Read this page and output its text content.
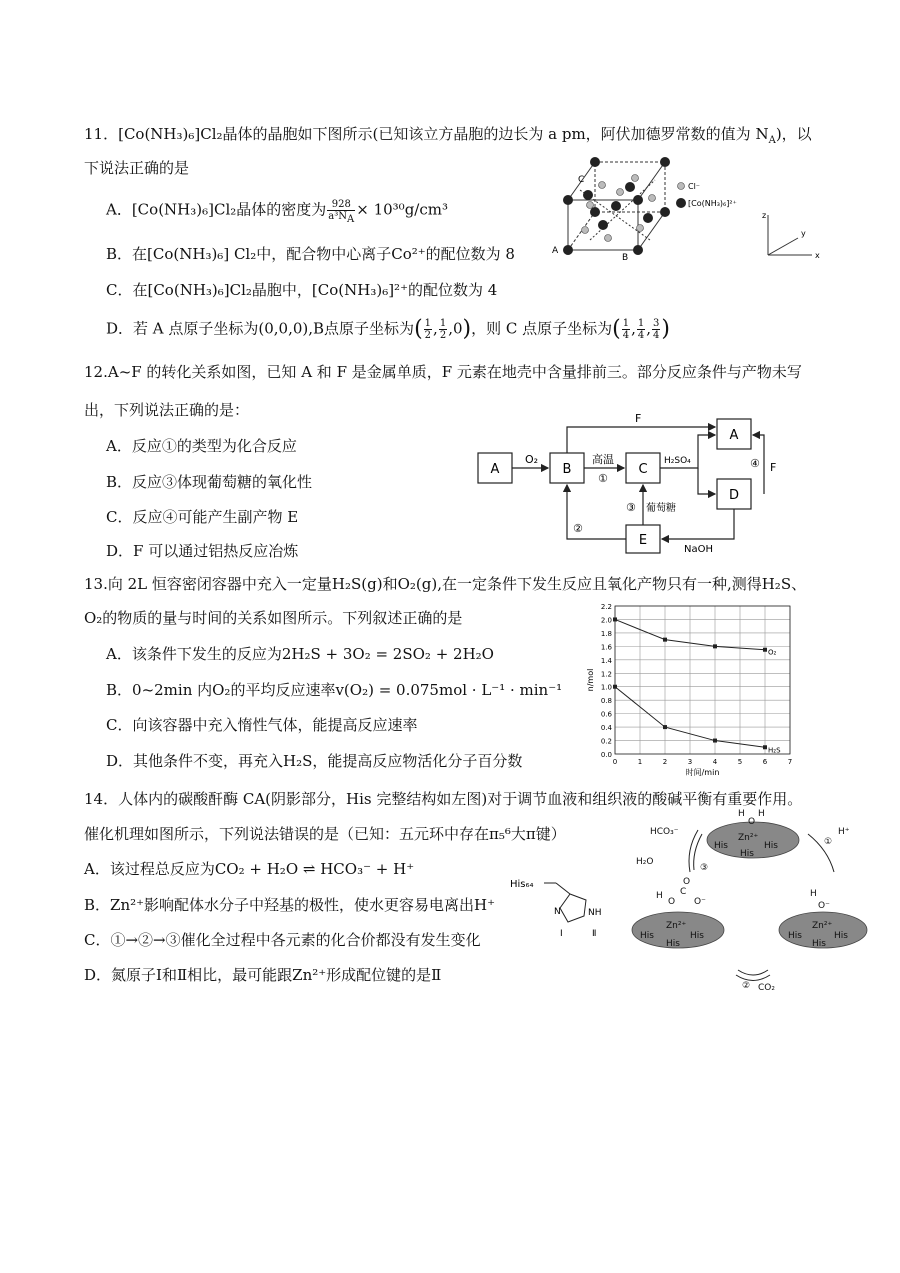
11．[Co(NH₃)₆]Cl₂晶体的晶胞如下图所示(已知该立方晶胞的边长为 a pm，阿伏加德罗常数的值为 $N_A$)，以
下说法正确的是
A．[Co(NH₃)₆]Cl₂晶体的密度为 $\frac{928}{a^3N_A} \times 10^{30}g/cm^3$
B．在[Co(NH₃)₆] Cl₂中，配合物中心离子Co²⁺的配位数为 8
C．在[Co(NH₃)₆]Cl₂晶胞中，[Co(NH₃)₆]²⁺的配位数为 4
D．若 A 点原子坐标为(0,0,0),B点原子坐标为( $\frac{1}{2}$ , $\frac{1}{2} ,0$)，则 C 点原子坐标为( $\frac{1}{4}$ , $\frac{1}{4}$ , $\frac{3}{4}$ )
A
B
C
Cl⁻
[Co(NH₃)₆]²⁺
z
x
y
12.A~F 的转化关系如图，已知 A 和 F 是金属单质，F 元素在地壳中含量排前三。部分反应条件与产物未写
出，下列说法正确的是：
A．反应①的类型为化合反应
B．反应③体现葡萄糖的氧化性
C．反应④可能产生副产物 E
D．F 可以通过铝热反应冶炼
A	B	C
A
D
E
F
O₂	高温
①
H₂SO₄
③ 葡萄糖
④ F
②
NaOH
13.向 2L 恒容密闭容器中充入一定量H₂S(g)和O₂(g),在一定条件下发生反应且氧化产物只有一种,测得H₂S、
O₂的物质的量与时间的关系如图所示。下列叙述正确的是
A．该条件下发生的反应为2H₂S + 3O₂ = 2SO₂ + 2H₂O
B．0~2min 内O₂的平均反应速率v(O₂) = 0.075mol · L⁻¹ · min⁻¹
C．向该容器中充入惰性气体，能提高反应速率
D．其他条件不变，再充入H₂S，能提高反应物活化分子百分数	0.0
0.2
0.4
0.6
0.8
1.0
1.2
1.4
1.6
1.8
2.0
2.2
0	1	2	3	4	5	6	7
时间/min
n/mol
O₂
H₂S
14．人体内的碳酸酐酶 CA(阴影部分，His 完整结构如左图)对于调节血液和组织液的酸碱平衡有重要作用。
催化机理如图所示，下列说法错误的是（已知：五元环中存在π₅⁶大π键）
A．该过程总反应为CO₂ + H₂O ⇌ HCO₃⁻ + H⁺
B．Zn²⁺影响配体水分子中羟基的极性，使水更容易电离出H⁺
C．①→②→③催化全过程中各元素的化合价都没有发生变化
D．氮原子Ⅰ和Ⅱ相比，最可能跟Zn²⁺形成配位键的是Ⅱ
His₆₄
N	NH
Ⅰ	Ⅱ
H H
O
Zn²⁺
His	His
His
H
O
C
O⁻
O
Zn²⁺
His	His
His
H
O⁻
Zn²⁺
His	His
His
HCO₃⁻
H₂O
H⁺
①
② CO₂
③
